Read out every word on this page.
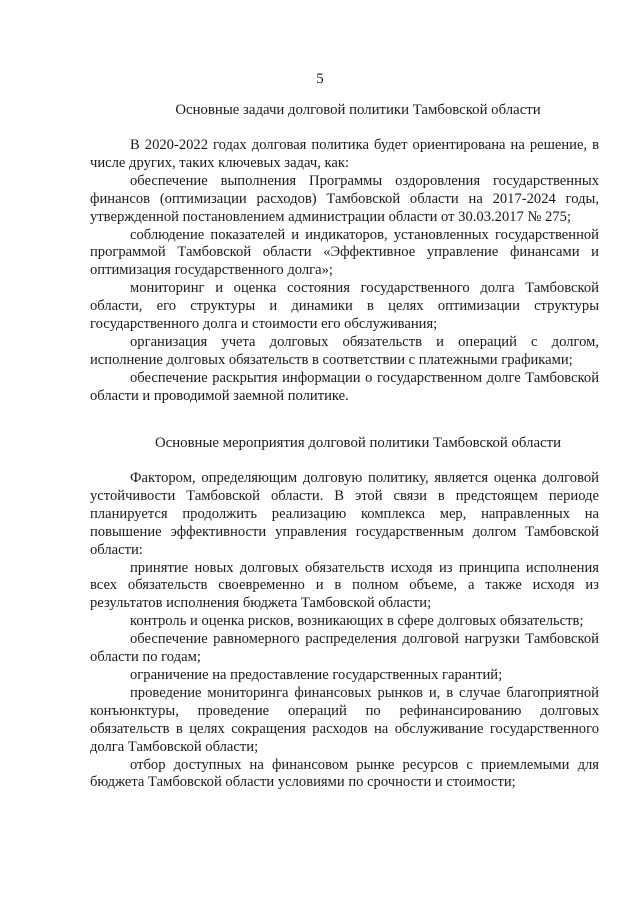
5
Основные задачи долговой политики Тамбовской области

В 2020-2022 годах долговая политика будет ориентирована на решение, в числе других, таких ключевых задач, как:

обеспечение выполнения Программы оздоровления государственных финансов (оптимизации расходов) Тамбовской области на 2017-2024 годы, утвержденной постановлением администрации области от 30.03.2017 № 275;

соблюдение показателей и индикаторов, установленных государственной программой Тамбовской области «Эффективное управление финансами и оптимизация государственного долга»;

мониторинг и оценка состояния государственного долга Тамбовской области, его структуры и динамики в целях оптимизации структуры государственного долга и стоимости его обслуживания;

организация учета долговых обязательств и операций с долгом, исполнение долговых обязательств в соответствии с платежными графиками;

обеспечение раскрытия информации о государственном долге Тамбовской области и проводимой заемной политике.

Основные мероприятия долговой политики Тамбовской области

Фактором, определяющим долговую политику, является оценка долговой устойчивости Тамбовской области. В этой связи в предстоящем периоде планируется продолжить реализацию комплекса мер, направленных на повышение эффективности управления государственным долгом Тамбовской области:

принятие новых долговых обязательств исходя из принципа исполнения всех обязательств своевременно и в полном объеме, а также исходя из результатов исполнения бюджета Тамбовской области;

контроль и оценка рисков, возникающих в сфере долговых обязательств;

обеспечение равномерного распределения долговой нагрузки Тамбовской области по годам;

ограничение на предоставление государственных гарантий;

проведение мониторинга финансовых рынков и, в случае благоприятной конъюнктуры, проведение операций по рефинансированию долговых обязательств в целях сокращения расходов на обслуживание государственного долга Тамбовской области;

отбор доступных на финансовом рынке ресурсов с приемлемыми для бюджета Тамбовской области условиями по срочности и стоимости;
